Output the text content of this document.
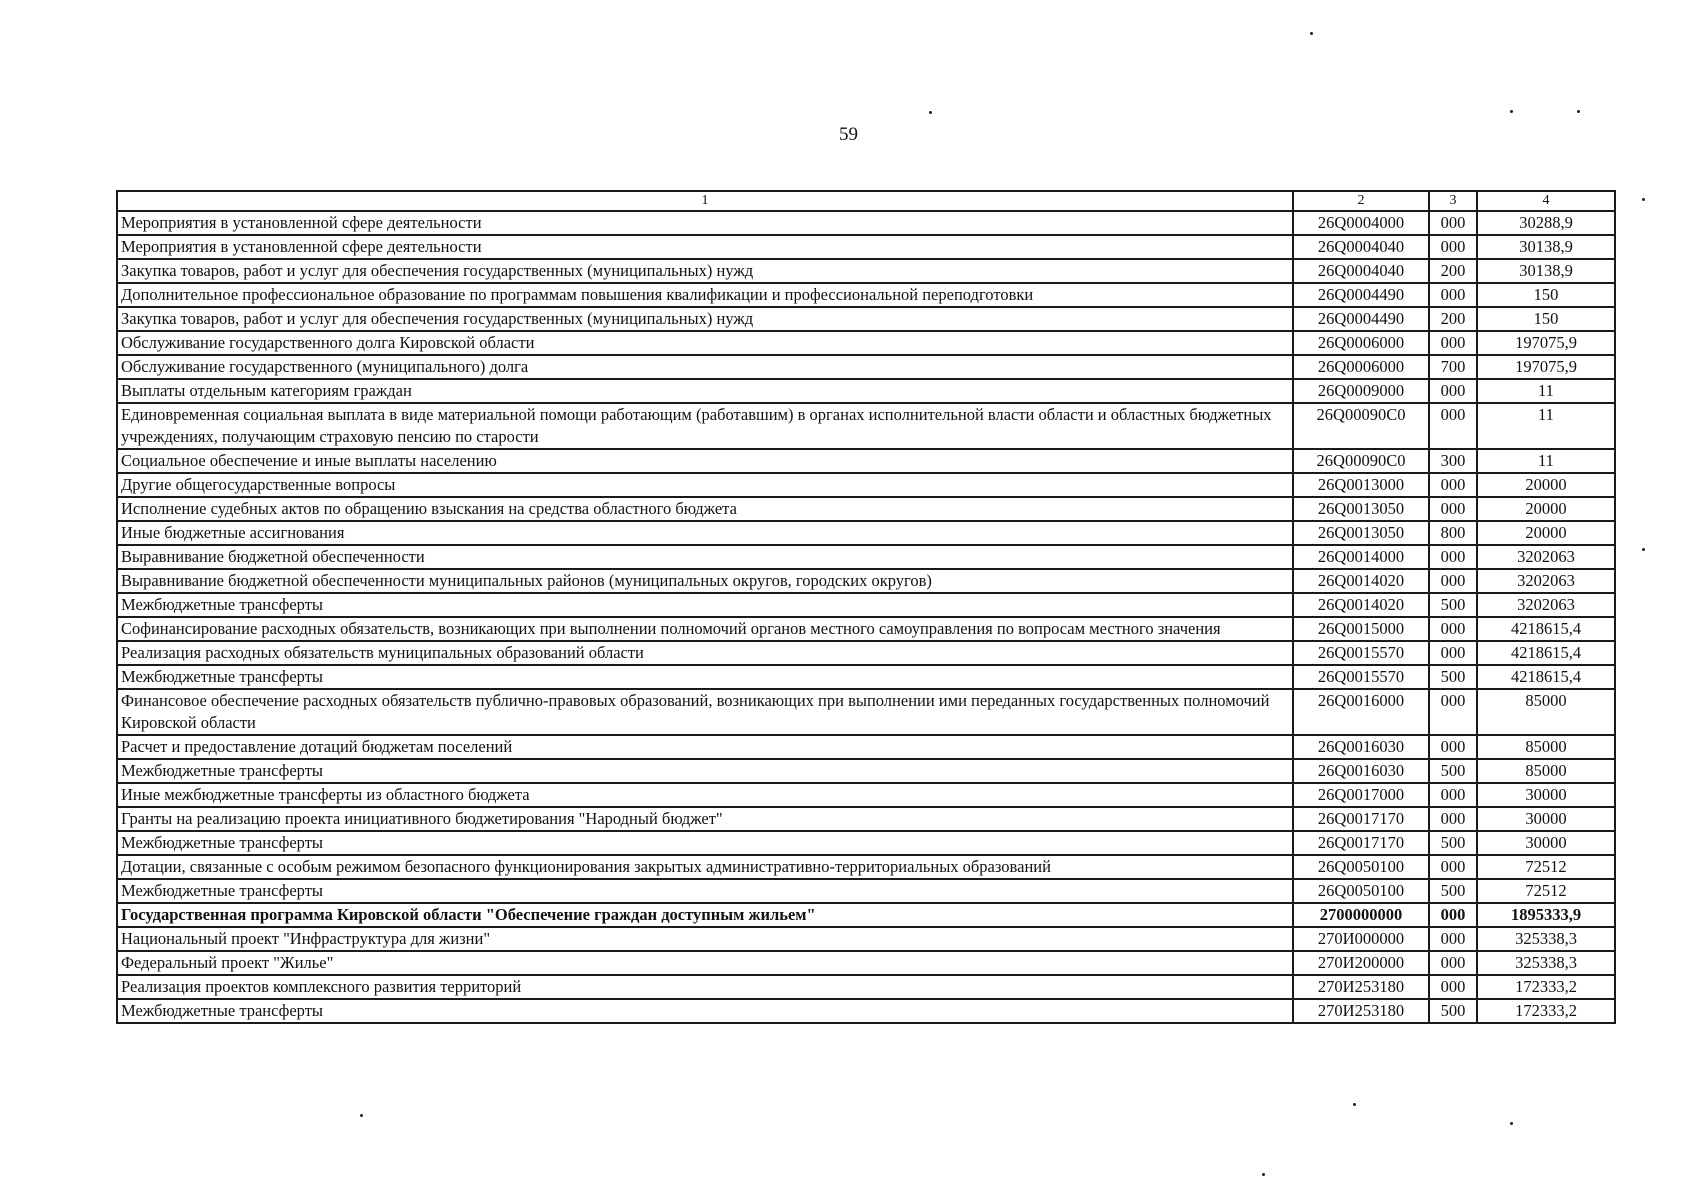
59
1	2	3	4
Мероприятия в установленной сфере деятельности	26Q0004000	000	30288,9
Мероприятия в установленной сфере деятельности	26Q0004040	000	30138,9
Закупка товаров, работ и услуг для обеспечения государственных (муниципальных) нужд	26Q0004040	200	30138,9
Дополнительное профессиональное образование по программам повышения квалификации и профессиональной переподготовки	26Q0004490	000	150
Закупка товаров, работ и услуг для обеспечения государственных (муниципальных) нужд	26Q0004490	200	150
Обслуживание государственного долга Кировской области	26Q0006000	000	197075,9
Обслуживание государственного (муниципального) долга	26Q0006000	700	197075,9
Выплаты отдельным категориям граждан	26Q0009000	000	11
Единовременная социальная выплата в виде материальной помощи работающим (работавшим) в органах исполнительной власти области и областных бюджетных учреждениях, получающим страховую пенсию по старости	26Q00090C0	000	11
Социальное обеспечение и иные выплаты населению	26Q00090C0	300	11
Другие общегосударственные вопросы	26Q0013000	000	20000
Исполнение судебных актов по обращению взыскания на средства областного бюджета	26Q0013050	000	20000
Иные бюджетные ассигнования	26Q0013050	800	20000
Выравнивание бюджетной обеспеченности	26Q0014000	000	3202063
Выравнивание бюджетной обеспеченности муниципальных районов (муниципальных округов, городских округов)	26Q0014020	000	3202063
Межбюджетные трансферты	26Q0014020	500	3202063
Софинансирование расходных обязательств, возникающих при выполнении полномочий органов местного самоуправления по вопросам местного значения	26Q0015000	000	4218615,4
Реализация расходных обязательств муниципальных образований области	26Q0015570	000	4218615,4
Межбюджетные трансферты	26Q0015570	500	4218615,4
Финансовое обеспечение расходных обязательств публично-правовых образований, возникающих при выполнении ими переданных государственных полномочий Кировской области	26Q0016000	000	85000
Расчет и предоставление дотаций бюджетам поселений	26Q0016030	000	85000
Межбюджетные трансферты	26Q0016030	500	85000
Иные межбюджетные трансферты из областного бюджета	26Q0017000	000	30000
Гранты на реализацию проекта инициативного бюджетирования "Народный бюджет"	26Q0017170	000	30000
Межбюджетные трансферты	26Q0017170	500	30000
Дотации, связанные с особым режимом безопасного функционирования закрытых административно-территориальных образований	26Q0050100	000	72512
Межбюджетные трансферты	26Q0050100	500	72512
Государственная программа Кировской области "Обеспечение граждан доступным жильем"	2700000000	000	1895333,9
Национальный проект "Инфраструктура для жизни"	270И000000	000	325338,3
Федеральный проект "Жилье"	270И200000	000	325338,3
Реализация проектов комплексного развития территорий	270И253180	000	172333,2
Межбюджетные трансферты	270И253180	500	172333,2
